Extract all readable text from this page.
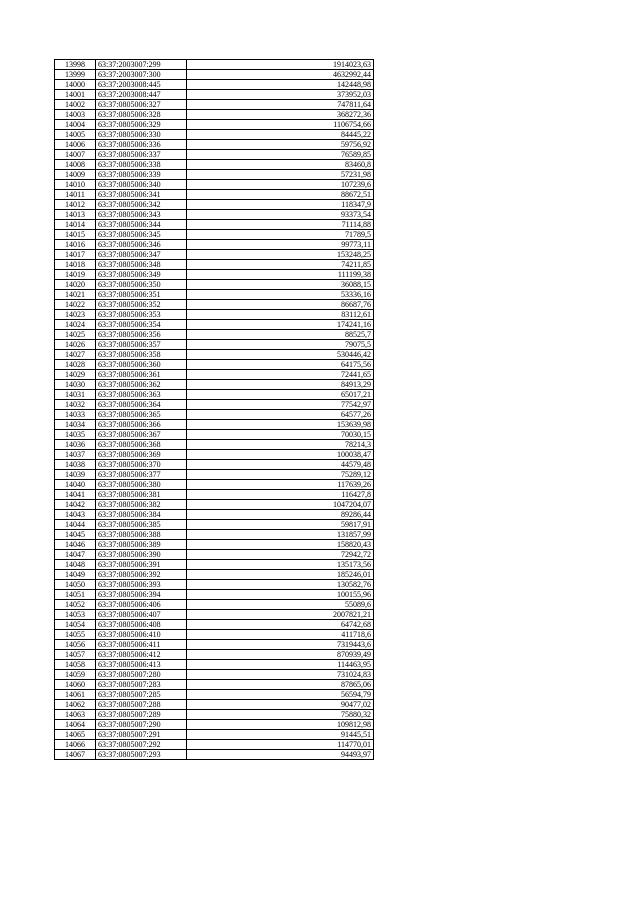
13998	63:37:2003007:299	1914023,63
13999	63:37:2003007:300	4632992,44
14000	63:37:2003008:445	142448,98
14001	63:37:2003008:447	373952,03
14002	63:37:0805006:327	747811,64
14003	63:37:0805006:328	368272,36
14004	63:37:0805006:329	1106754,66
14005	63:37:0805006:330	84445,22
14006	63:37:0805006:336	59756,92
14007	63:37:0805006:337	76589,85
14008	63:37:0805006:338	83460,8
14009	63:37:0805006:339	57231,98
14010	63:37:0805006:340	107239,6
14011	63:37:0805006:341	88672,51
14012	63:37:0805006:342	118347,9
14013	63:37:0805006:343	93373,54
14014	63:37:0805006:344	71114,88
14015	63:37:0805006:345	71789,5
14016	63:37:0805006:346	99773,11
14017	63:37:0805006:347	153248,25
14018	63:37:0805006:348	74211,85
14019	63:37:0805006:349	111199,38
14020	63:37:0805006:350	36088,15
14021	63:37:0805006:351	53336,16
14022	63:37:0805006:352	86687,76
14023	63:37:0805006:353	83112,61
14024	63:37:0805006:354	174241,16
14025	63:37:0805006:356	88525,7
14026	63:37:0805006:357	79075,5
14027	63:37:0805006:358	530446,42
14028	63:37:0805006:360	64175,56
14029	63:37:0805006:361	72441,65
14030	63:37:0805006:362	84913,29
14031	63:37:0805006:363	65017,21
14032	63:37:0805006:364	77542,97
14033	63:37:0805006:365	64577,26
14034	63:37:0805006:366	153639,98
14035	63:37:0805006:367	70030,15
14036	63:37:0805006:368	78214,3
14037	63:37:0805006:369	100038,47
14038	63:37:0805006:370	44579,48
14039	63:37:0805006:377	75289,12
14040	63:37:0805006:380	117639,26
14041	63:37:0805006:381	116427,8
14042	63:37:0805006:382	1047204,07
14043	63:37:0805006:384	89286,44
14044	63:37:0805006:385	59817,91
14045	63:37:0805006:388	131857,99
14046	63:37:0805006:389	158820,43
14047	63:37:0805006:390	72942,72
14048	63:37:0805006:391	135173,56
14049	63:37:0805006:392	185246,01
14050	63:37:0805006:393	130582,76
14051	63:37:0805006:394	100155,96
14052	63:37:0805006:406	55089,6
14053	63:37:0805006:407	2007821,21
14054	63:37:0805006:408	64742,68
14055	63:37:0805006:410	411718,6
14056	63:37:0805006:411	7319443,6
14057	63:37:0805006:412	870939,49
14058	63:37:0805006:413	114463,95
14059	63:37:0805007:280	731024,83
14060	63:37:0805007:283	87865,06
14061	63:37:0805007:285	56594,79
14062	63:37:0805007:288	90477,02
14063	63:37:0805007:289	75880,32
14064	63:37:0805007:290	109812,98
14065	63:37:0805007:291	91445,51
14066	63:37:0805007:292	114770,01
14067	63:37:0805007:293	94493,97
